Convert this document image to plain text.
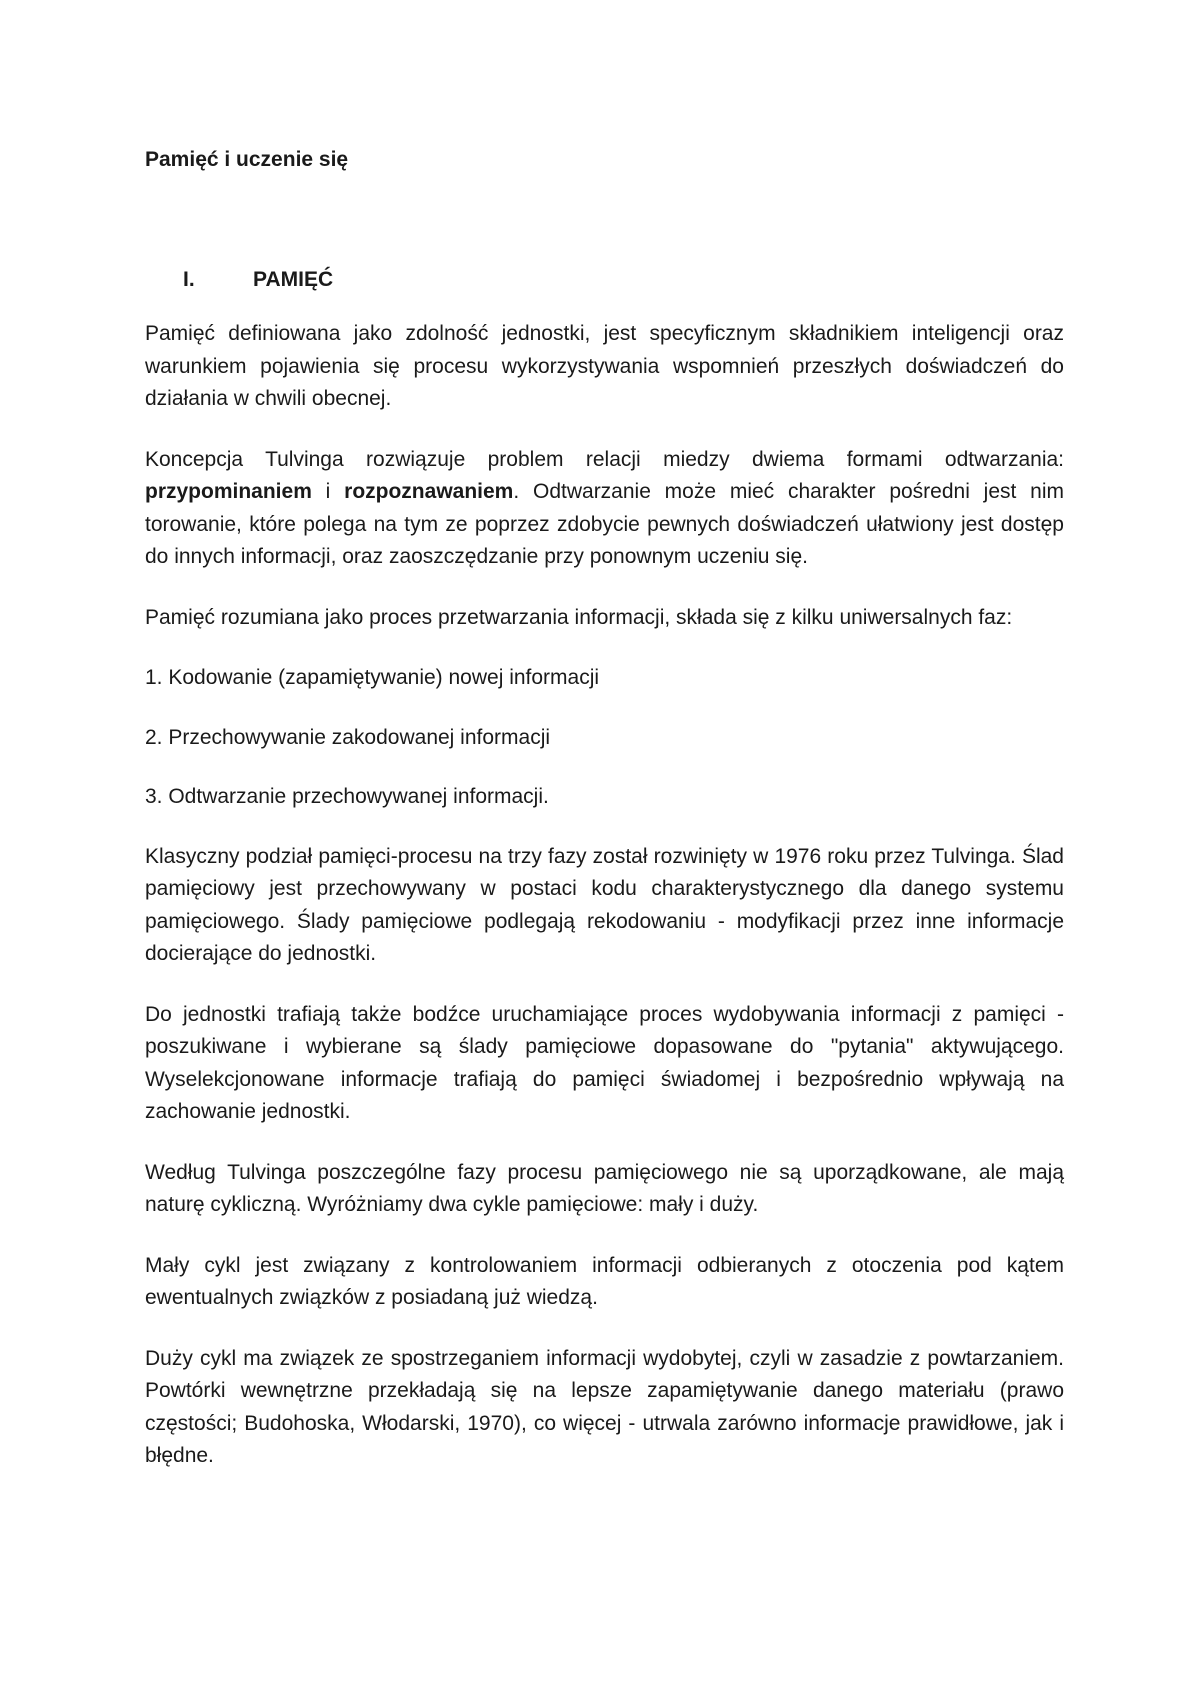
Pamięć i uczenie się
I.	PAMIĘĆ

Pamięć definiowana jako zdolność jednostki, jest specyficznym składnikiem inteligencji oraz warunkiem pojawienia się procesu wykorzystywania wspomnień przeszłych doświadczeń do działania w chwili obecnej.

Koncepcja Tulvinga rozwiązuje problem relacji miedzy dwiema formami odtwarzania: przypominaniem i rozpoznawaniem. Odtwarzanie może mieć charakter pośredni jest nim torowanie, które polega na tym ze poprzez zdobycie pewnych doświadczeń ułatwiony jest dostęp do innych informacji, oraz zaoszczędzanie przy ponownym uczeniu się.

Pamięć rozumiana jako proces przetwarzania informacji, składa się z kilku uniwersalnych faz:

1. Kodowanie (zapamiętywanie) nowej informacji

2. Przechowywanie zakodowanej informacji

3. Odtwarzanie przechowywanej informacji.

Klasyczny podział pamięci-procesu na trzy fazy został rozwinięty w 1976 roku przez Tulvinga. Ślad pamięciowy jest przechowywany w postaci kodu charakterystycznego dla danego systemu pamięciowego. Ślady pamięciowe podlegają rekodowaniu - modyfikacji przez inne informacje docierające do jednostki.

Do jednostki trafiają także bodźce uruchamiające proces wydobywania informacji z pamięci - poszukiwane i wybierane są ślady pamięciowe dopasowane do "pytania" aktywującego. Wyselekcjonowane informacje trafiają do pamięci świadomej i bezpośrednio wpływają na zachowanie jednostki.

Według Tulvinga poszczególne fazy procesu pamięciowego nie są uporządkowane, ale mają naturę cykliczną. Wyróżniamy dwa cykle pamięciowe: mały i duży.

Mały cykl jest związany z kontrolowaniem informacji odbieranych z otoczenia pod kątem ewentualnych związków z posiadaną już wiedzą.

Duży cykl ma związek ze spostrzeganiem informacji wydobytej, czyli w zasadzie z powtarzaniem. Powtórki wewnętrzne przekładają się na lepsze zapamiętywanie danego materiału (prawo częstości; Budohoska, Włodarski, 1970), co więcej - utrwala zarówno informacje prawidłowe, jak i błędne.
